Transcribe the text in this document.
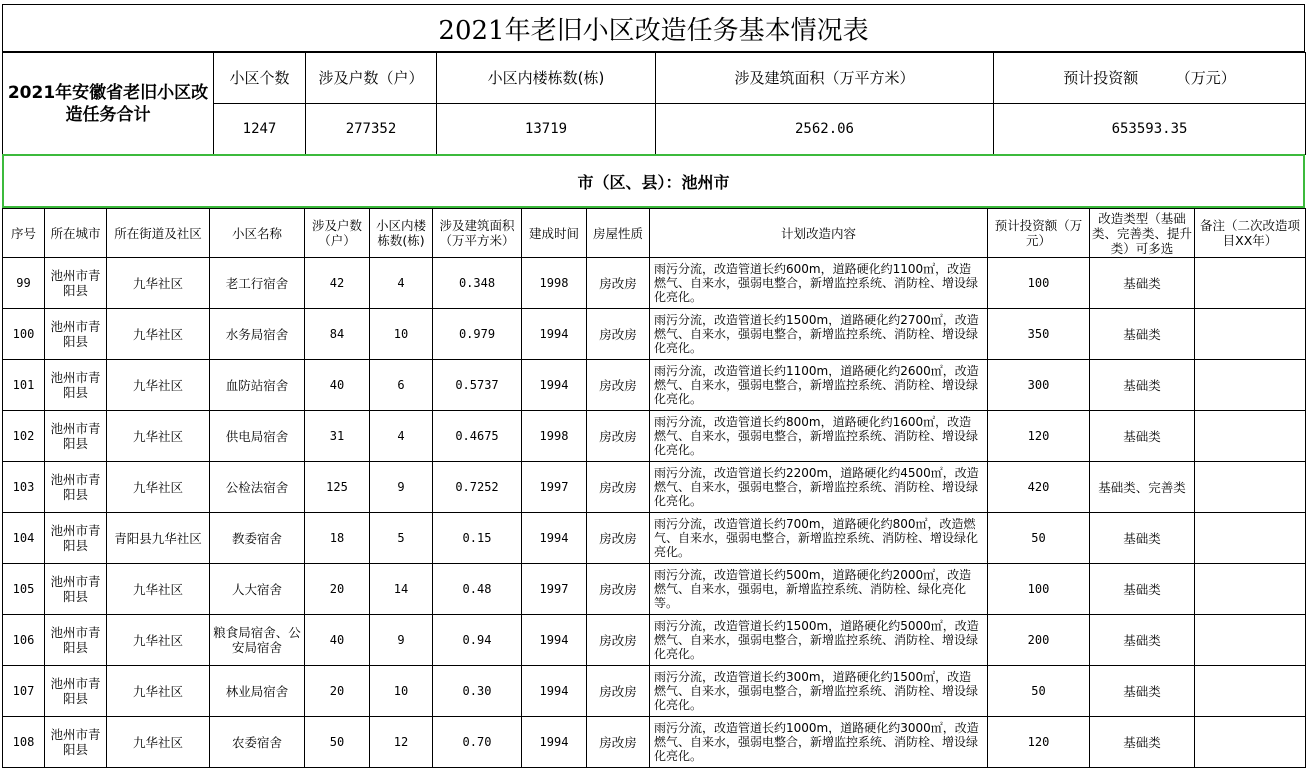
2021年老旧小区改造任务基本情况表
2021年安徽省老旧小区改造任务合计	小区个数	涉及户数（户）	小区内楼栋数(栋)	涉及建筑面积（万平方米）	预计投资额　　　（万元）
	1247	277352	13719	2562.06	653593.35
市（区、县）：池州市
序号	所在城市	所在街道及社区	小区名称	涉及户数（户）	小区内楼栋数(栋)	涉及建筑面积（万平方米）	建成时间	房屋性质	计划改造内容	预计投资额（万元）	改造类型（基础类、完善类、提升类）可多选	备注（二次改造项目XX年）
99	池州市青阳县	九华社区	老工行宿舍	42	4	0.348	1998	房改房	雨污分流，改造管道长约600m，道路硬化约1100㎡，改造燃气、自来水，强弱电整合，新增监控系统、消防栓、增设绿化亮化。	100	基础类	
100	池州市青阳县	九华社区	水务局宿舍	84	10	0.979	1994	房改房	雨污分流，改造管道长约1500m，道路硬化约2700㎡，改造燃气、自来水，强弱电整合，新增监控系统、消防栓、增设绿化亮化。	350	基础类	
101	池州市青阳县	九华社区	血防站宿舍	40	6	0.5737	1994	房改房	雨污分流，改造管道长约1100m，道路硬化约2600㎡，改造燃气、自来水，强弱电整合，新增监控系统、消防栓、增设绿化亮化。	300	基础类	
102	池州市青阳县	九华社区	供电局宿舍	31	4	0.4675	1998	房改房	雨污分流，改造管道长约800m，道路硬化约1600㎡，改造燃气、自来水，强弱电整合，新增监控系统、消防栓、增设绿化亮化。	120	基础类	
103	池州市青阳县	九华社区	公检法宿舍	125	9	0.7252	1997	房改房	雨污分流，改造管道长约2200m，道路硬化约4500㎡，改造燃气、自来水，强弱电整合，新增监控系统、消防栓、增设绿化亮化。	420	基础类、完善类	
104	池州市青阳县	青阳县九华社区	教委宿舍	18	5	0.15	1994	房改房	雨污分流，改造管道长约700m，道路硬化约800㎡，改造燃气、自来水，强弱电整合，新增监控系统、消防栓、增设绿化亮化。	50	基础类	
105	池州市青阳县	九华社区	人大宿舍	20	14	0.48	1997	房改房	雨污分流，改造管道长约500m，道路硬化约2000㎡，改造燃气、自来水，强弱电，新增监控系统、消防栓、绿化亮化等。	100	基础类	
106	池州市青阳县	九华社区	粮食局宿舍、公安局宿舍	40	9	0.94	1994	房改房	雨污分流，改造管道长约1500m，道路硬化约5000㎡，改造燃气、自来水，强弱电整合，新增监控系统、消防栓、增设绿化亮化。	200	基础类	
107	池州市青阳县	九华社区	林业局宿舍	20	10	0.30	1994	房改房	雨污分流，改造管道长约300m，道路硬化约1500㎡，改造燃气、自来水，强弱电整合，新增监控系统、消防栓、增设绿化亮化。	50	基础类	
108	池州市青阳县	九华社区	农委宿舍	50	12	0.70	1994	房改房	雨污分流，改造管道长约1000m，道路硬化约3000㎡，改造燃气、自来水，强弱电整合，新增监控系统、消防栓、增设绿化亮化。	120	基础类	
